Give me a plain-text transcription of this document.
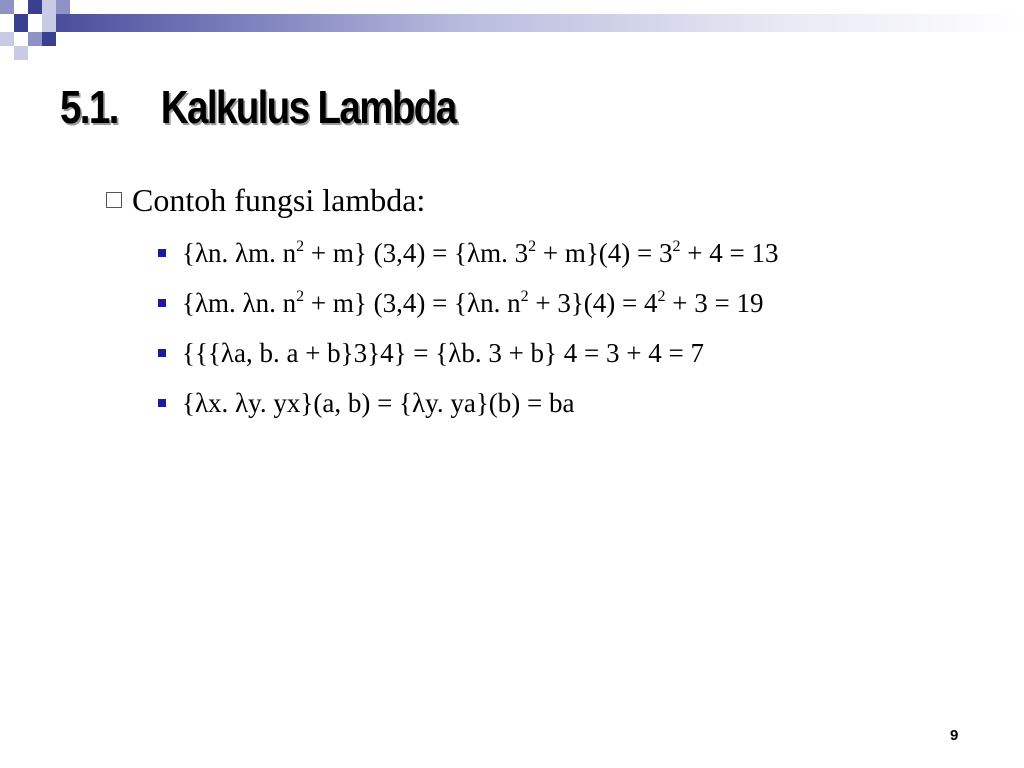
5.1. Kalkulus Lambda
Contoh fungsi lambda:
{λn. λm. $n^2 + m$} (3,4) = {λm. $3^2 + m\}(4) = 3^2 + 4 = 13$
{λm. λn. $n^2 + m$} (3,4) = {λn. $n^2 + 3\}(4) = 4^2 + 3 = 19$
{{{λa, b. a + b}3}4} = {λb. 3 + b} 4 = 3 + 4 = 7
{λx. λy. yx}(a, b) = {λy. ya}(b) = ba
9
